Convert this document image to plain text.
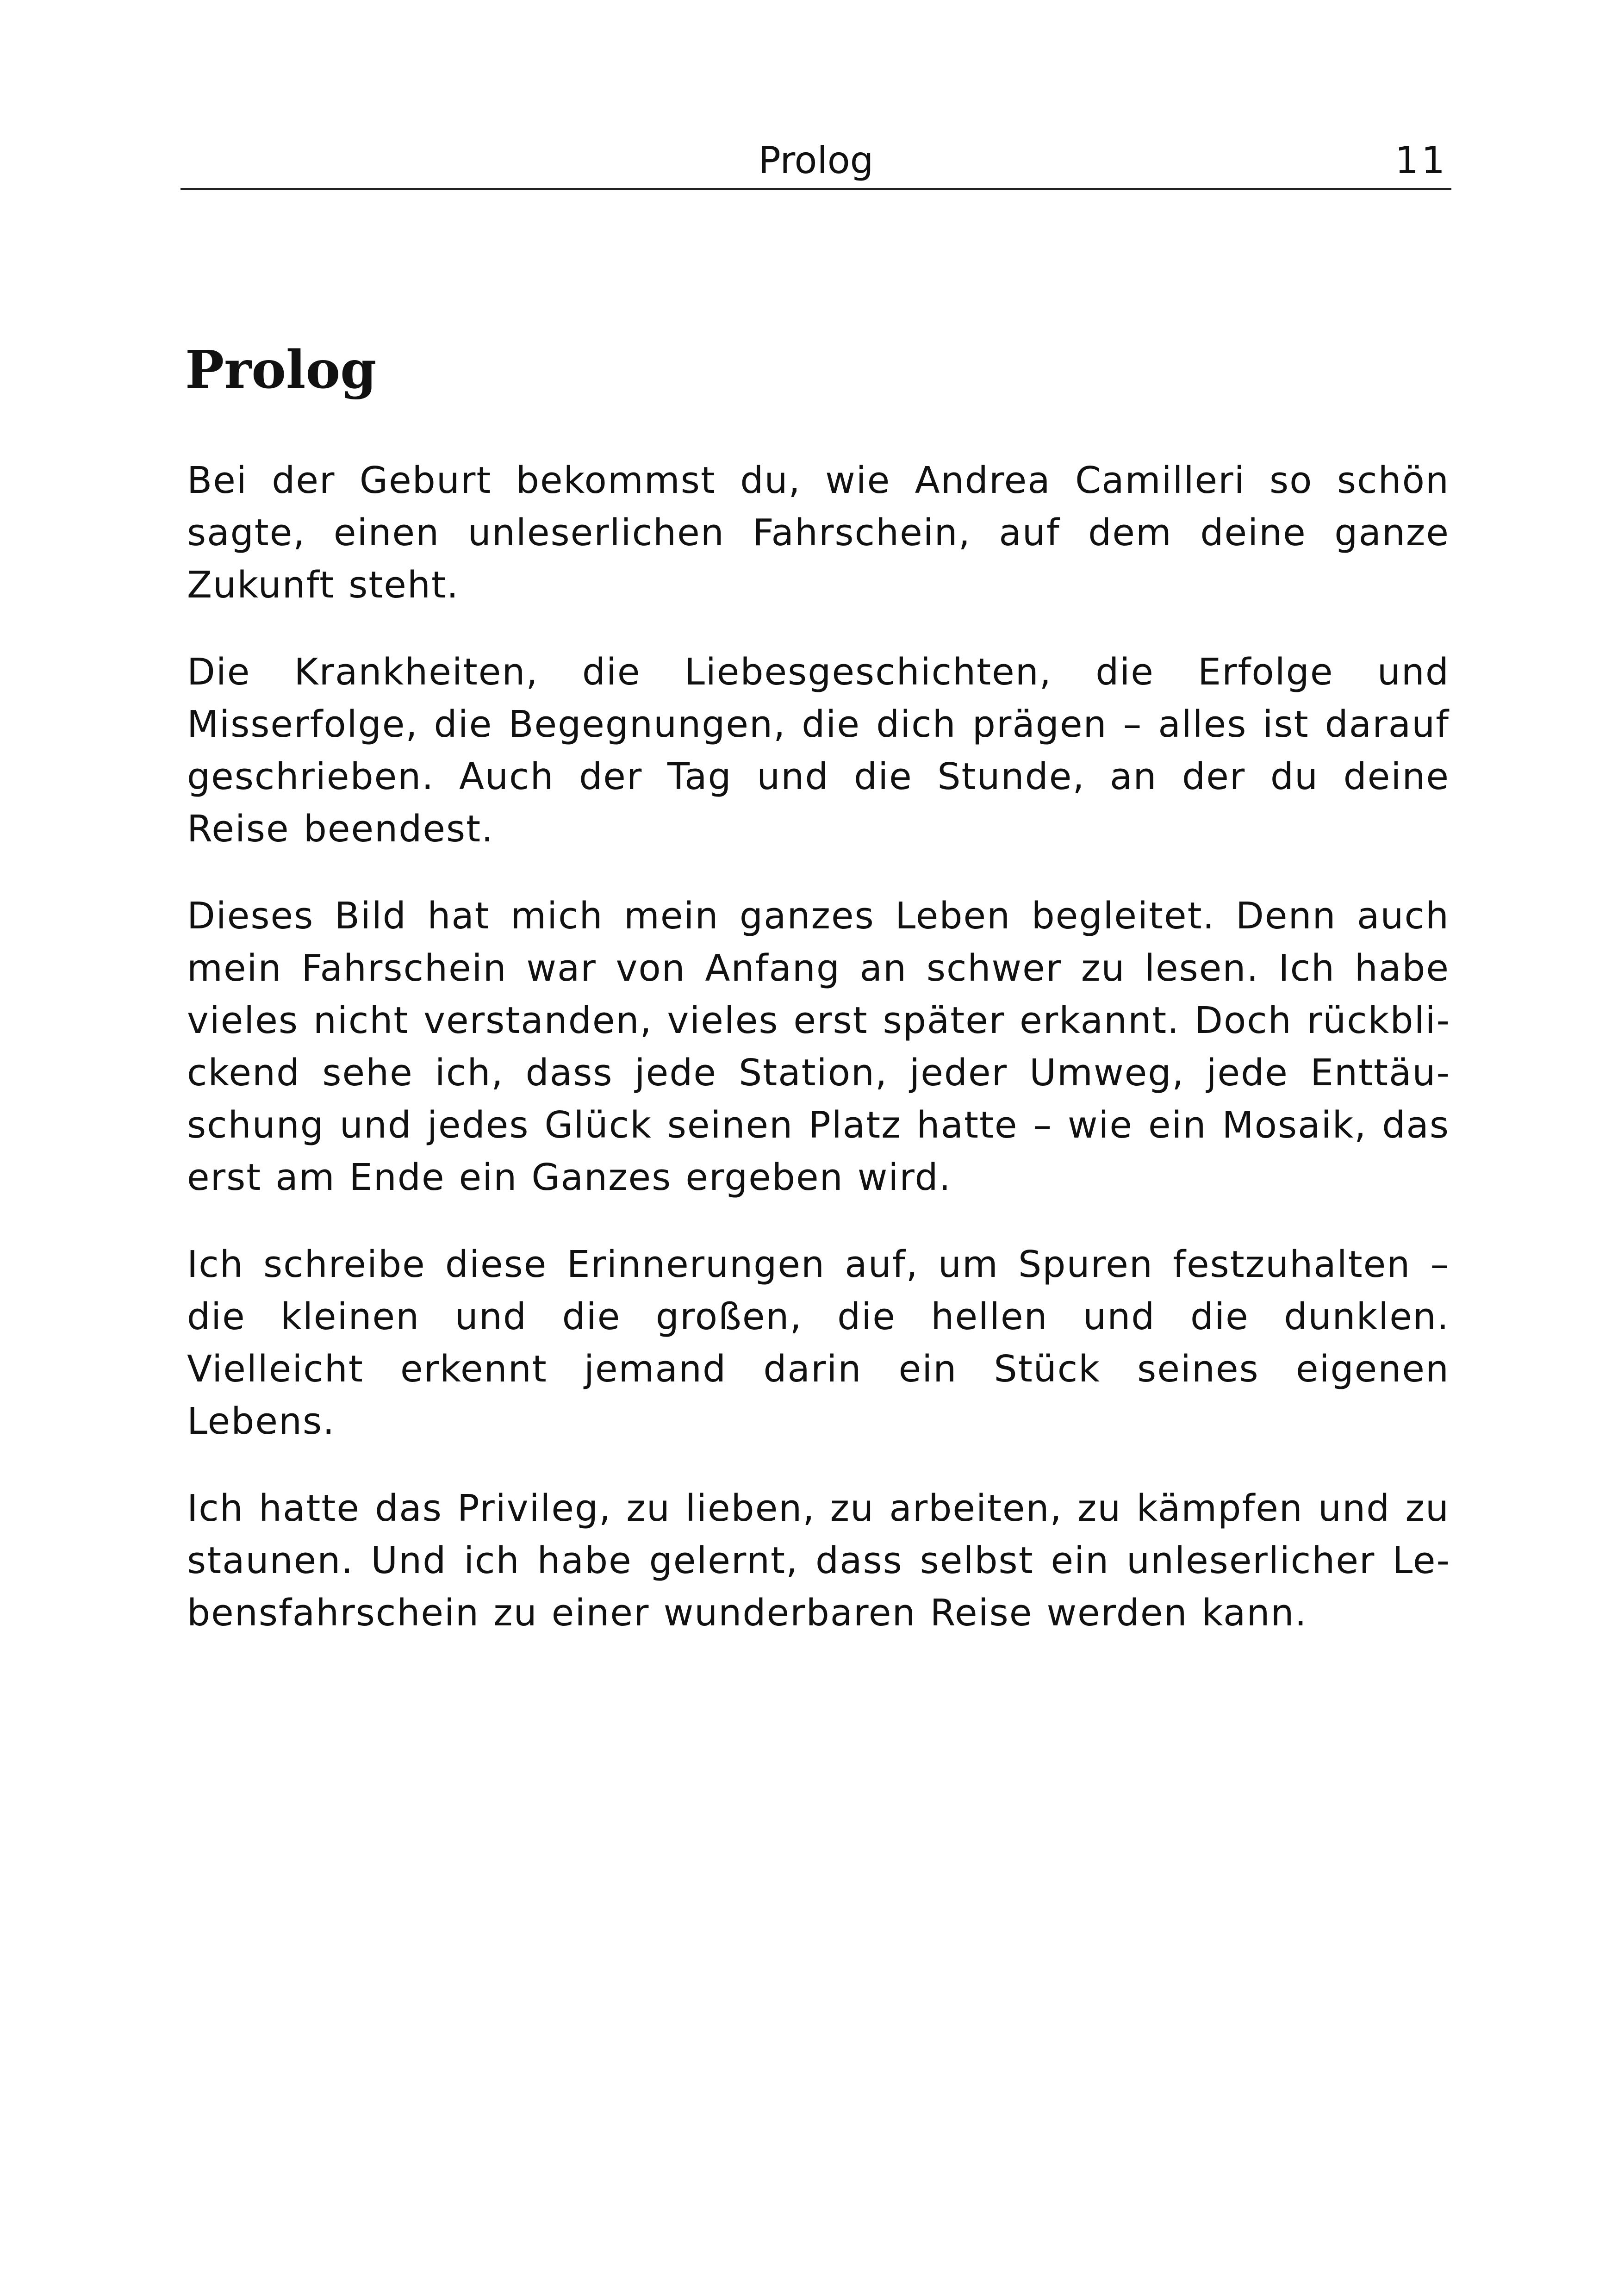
Prolog	11
Prolog

Bei der Geburt bekommst du, wie Andrea Camilleri so schön sagte, einen unleserlichen Fahrschein, auf dem deine ganze Zukunft steht.

Die Krankheiten, die Liebesgeschichten, die Erfolge und Misserfolge, die Begegnungen, die dich prägen – alles ist darauf geschrieben. Auch der Tag und die Stunde, an der du deine Reise beendest.

Dieses Bild hat mich mein ganzes Leben begleitet. Denn auch mein Fahrschein war von Anfang an schwer zu lesen. Ich habe vieles nicht verstanden, vieles erst später erkannt. Doch rückblickend sehe ich, dass jede Station, jeder Umweg, jede Enttäuschung und jedes Glück seinen Platz hatte – wie ein Mosaik, das erst am Ende ein Ganzes ergeben wird.

Ich schreibe diese Erinnerungen auf, um Spuren festzuhalten – die kleinen und die großen, die hellen und die dunklen. Vielleicht erkennt jemand darin ein Stück seines eigenen Lebens.

Ich hatte das Privileg, zu lieben, zu arbeiten, zu kämpfen und zu staunen. Und ich habe gelernt, dass selbst ein unleserlicher Lebensfahrschein zu einer wunderbaren Reise werden kann.
